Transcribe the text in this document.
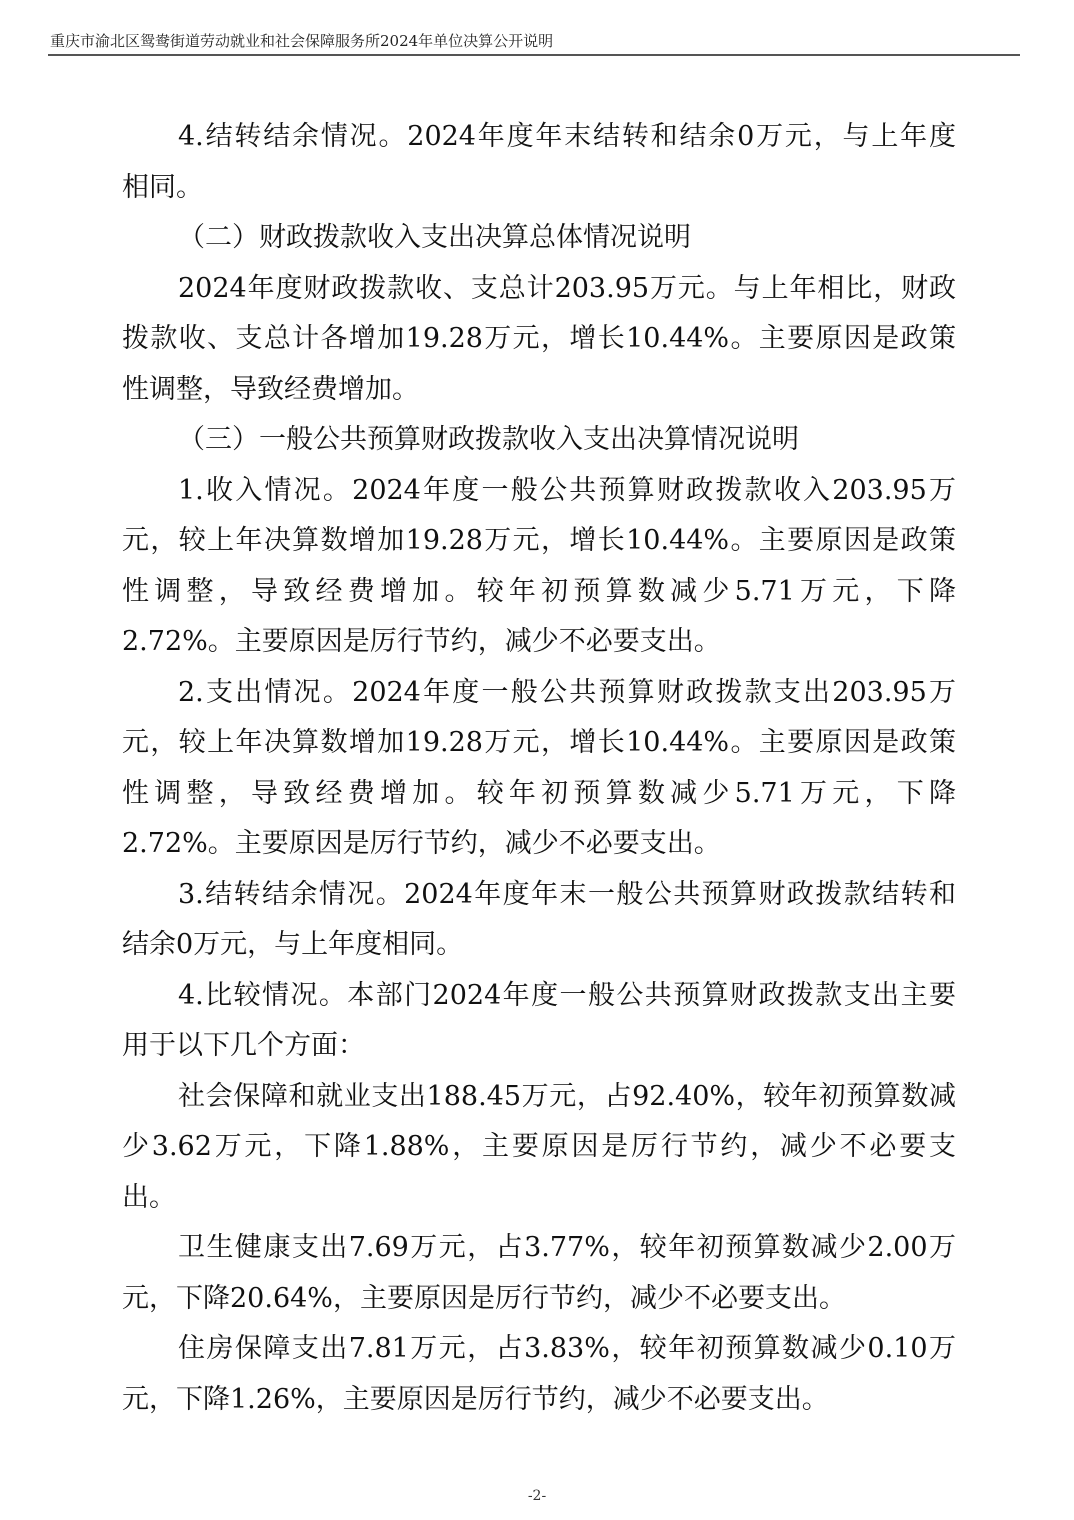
重庆市渝北区鸳鸯街道劳动就业和社会保障服务所2024年单位决算公开说明
4.结转结余情况。2024年度年末结转和结余0万元，与上年度
相同。
（二）财政拨款收入支出决算总体情况说明
2024年度财政拨款收、支总计203.95万元。与上年相比，财政
拨款收、支总计各增加19.28万元，增长10.44%。主要原因是政策
性调整，导致经费增加。
（三）一般公共预算财政拨款收入支出决算情况说明
1.收入情况。2024年度一般公共预算财政拨款收入203.95万
元，较上年决算数增加19.28万元，增长10.44%。主要原因是政策
性调整，导致经费增加。较年初预算数减少5.71万元，下降
2.72%。主要原因是厉行节约，减少不必要支出。
2.支出情况。2024年度一般公共预算财政拨款支出203.95万
元，较上年决算数增加19.28万元，增长10.44%。主要原因是政策
性调整，导致经费增加。较年初预算数减少5.71万元，下降
2.72%。主要原因是厉行节约，减少不必要支出。
3.结转结余情况。2024年度年末一般公共预算财政拨款结转和
结余0万元，与上年度相同。
4.比较情况。本部门2024年度一般公共预算财政拨款支出主要
用于以下几个方面：
社会保障和就业支出188.45万元，占92.40%，较年初预算数减
少3.62万元，下降1.88%，主要原因是厉行节约，减少不必要支
出。
卫生健康支出7.69万元，占3.77%，较年初预算数减少2.00万
元，下降20.64%，主要原因是厉行节约，减少不必要支出。
住房保障支出7.81万元，占3.83%，较年初预算数减少0.10万
元，下降1.26%，主要原因是厉行节约，减少不必要支出。
-2-
